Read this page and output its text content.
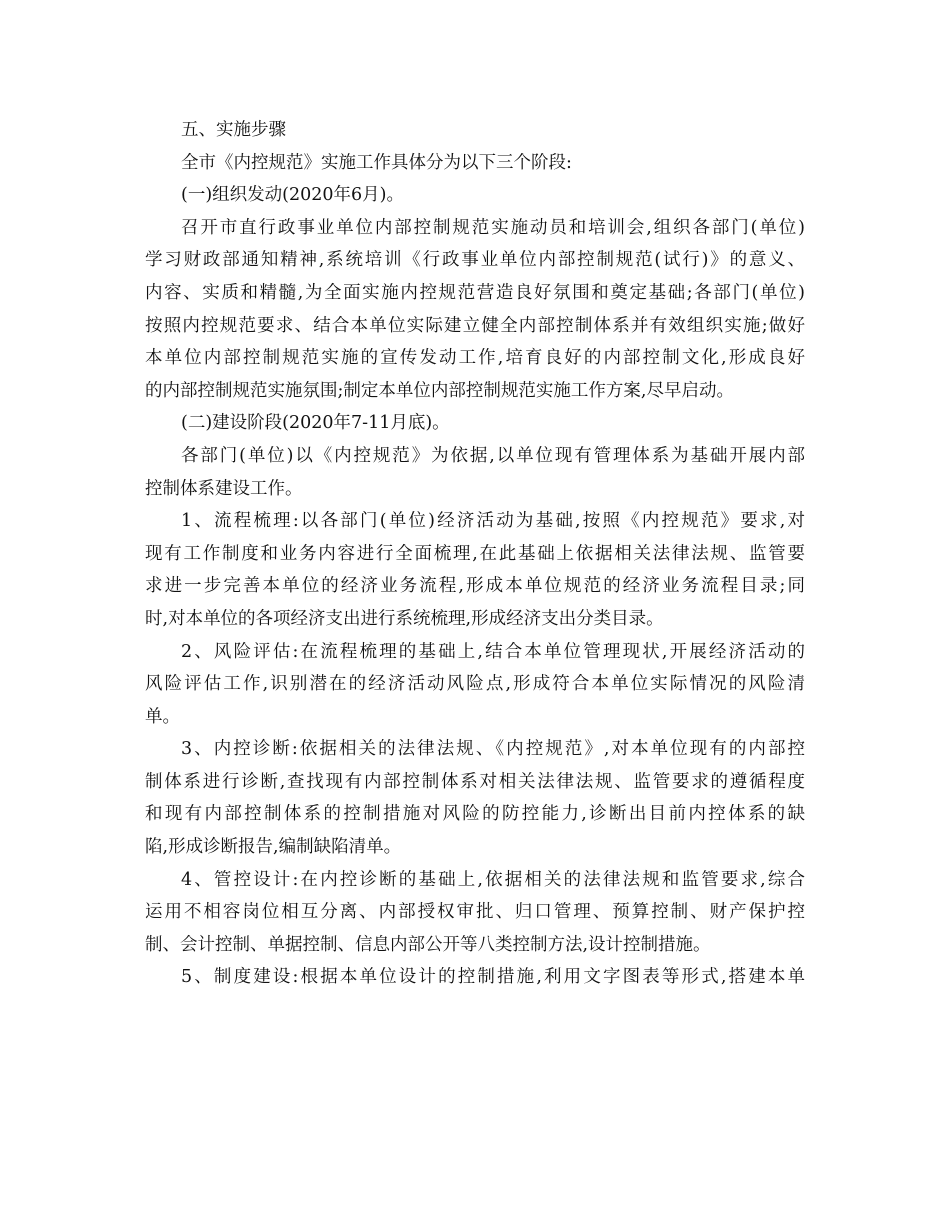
五、实施步骤
全市《内控规范》实施工作具体分为以下三个阶段:
(一)组织发动(2020年6月)。
召开市直行政事业单位内部控制规范实施动员和培训会,组织各部门(单位)
学习财政部通知精神,系统培训《行政事业单位内部控制规范(试行)》的意义、
内容、实质和精髓,为全面实施内控规范营造良好氛围和奠定基础;各部门(单位)
按照内控规范要求、结合本单位实际建立健全内部控制体系并有效组织实施;做好
本单位内部控制规范实施的宣传发动工作,培育良好的内部控制文化,形成良好
的内部控制规范实施氛围;制定本单位内部控制规范实施工作方案,尽早启动。
(二)建设阶段(2020年7-11月底)。
各部门(单位)以《内控规范》为依据,以单位现有管理体系为基础开展内部
控制体系建设工作。
1、流程梳理:以各部门(单位)经济活动为基础,按照《内控规范》要求,对
现有工作制度和业务内容进行全面梳理,在此基础上依据相关法律法规、监管要
求进一步完善本单位的经济业务流程,形成本单位规范的经济业务流程目录;同
时,对本单位的各项经济支出进行系统梳理,形成经济支出分类目录。
2、风险评估:在流程梳理的基础上,结合本单位管理现状,开展经济活动的
风险评估工作,识别潜在的经济活动风险点,形成符合本单位实际情况的风险清
单。
3、内控诊断:依据相关的法律法规、《内控规范》,对本单位现有的内部控
制体系进行诊断,查找现有内部控制体系对相关法律法规、监管要求的遵循程度
和现有内部控制体系的控制措施对风险的防控能力,诊断出目前内控体系的缺
陷,形成诊断报告,编制缺陷清单。
4、管控设计:在内控诊断的基础上,依据相关的法律法规和监管要求,综合
运用不相容岗位相互分离、内部授权审批、归口管理、预算控制、财产保护控
制、会计控制、单据控制、信息内部公开等八类控制方法,设计控制措施。
5、制度建设:根据本单位设计的控制措施,利用文字图表等形式,搭建本单
